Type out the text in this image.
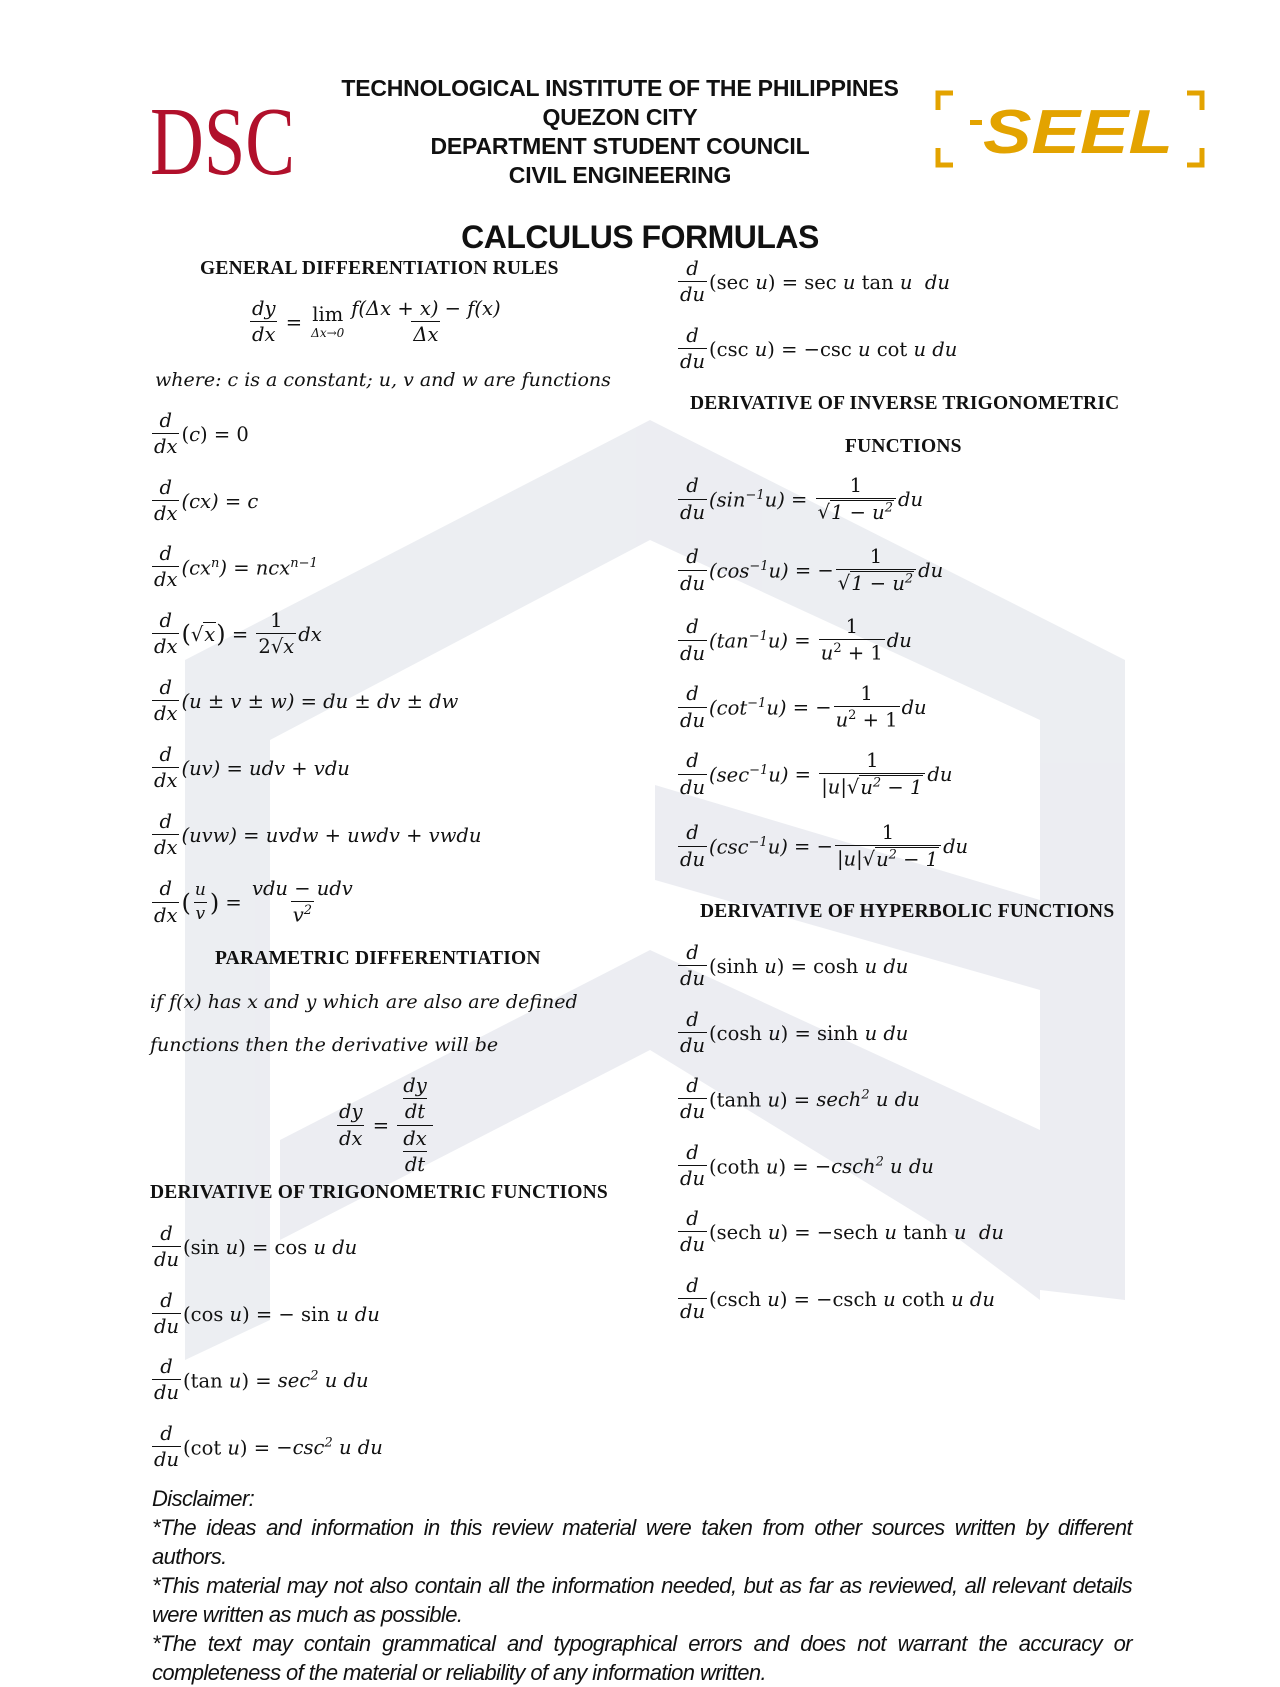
DSC	SEEL
TECHNOLOGICAL INSTITUTE OF THE PHILIPPINES
QUEZON CITY
DEPARTMENT STUDENT COUNCIL
CIVIL ENGINEERING
CALCULUS FORMULAS
GENERAL DIFFERENTIATION RULES
$\frac{dy}{dx} = \lim$
Δx→0
f(Δx + x) − f(x)
Δx
where: c is a constant; u, v and w are functions
d
dx
(c) = 0
d
dx
(cx) = c
d
dx
$(cx^n) = ncx^{n-1}$
d
dx ( √x ) = $\frac{1}{2√x}$ dx
d
dx
(u ± v ± w) = du ± dv ± dw
d
dx
(uv) = udv + vdu
d
dx
(uvw) = uvdw + uwdv + vwdu
d
dx ( u
v ) =
vdu − udv
$v^2$
PARAMETRIC DIFFERENTIATION
if f(x) has x and y which are also are defined
functions then the derivative will be
$\frac{dy}{dx}$ =
$\frac{dy}{dt}$
$\frac{dx}{dt}$
DERIVATIVE OF TRIGONOMETRIC FUNCTIONS
d
du
(sin u) = cos u du
d
du
(cos u) = − sin u du
d
du
(tan $u) = \sec^2 u$ du
d
du
(cot $u) = -\csc^2$ u du
d
du
(sec u) = sec u tan u  du
d
du
(csc u) = −csc u cot u du
DERIVATIVE OF INVERSE TRIGONOMETRIC
FUNCTIONS
d
du
$(\sin^{-1}u) = \frac{1}{√1 - u^2}$ du
d
du
$(\cos^{-1}u)$ = − $\frac{1}{√1 - u^2}$ du
d
du
$(\tan^{-1}u) = \frac{1}{u^2 + 1}$ du
d
du
$(\cot^{-1}u)$ = − $\frac{1}{u^2 + 1}$ du
d
du
$(\sec^{-1}u) = \frac{1}{|u|√u^2 - 1}$ du
d
du
$(\csc^{-1}u)$ = − $\frac{1}{|u|√u^2 - 1}$ du
DERIVATIVE OF HYPERBOLIC FUNCTIONS
d
du
(sinh u) = cosh u du
d
du
(cosh u) = sinh u du
d
du
(tanh u) = sech$^2$ u du
d
du
(coth u) = −csch$^2$ u du
d
du
(sech u) = −sech u tanh u  du
d
du
(csch u) = −csch u coth u du

Disclaimer:

*The ideas and information in this review material were taken from other sources written by different authors.

*This material may not also contain all the information needed, but as far as reviewed, all relevant details were written as much as possible.

*The text may contain grammatical and typographical errors and does not warrant the accuracy or completeness of the material or reliability of any information written.
